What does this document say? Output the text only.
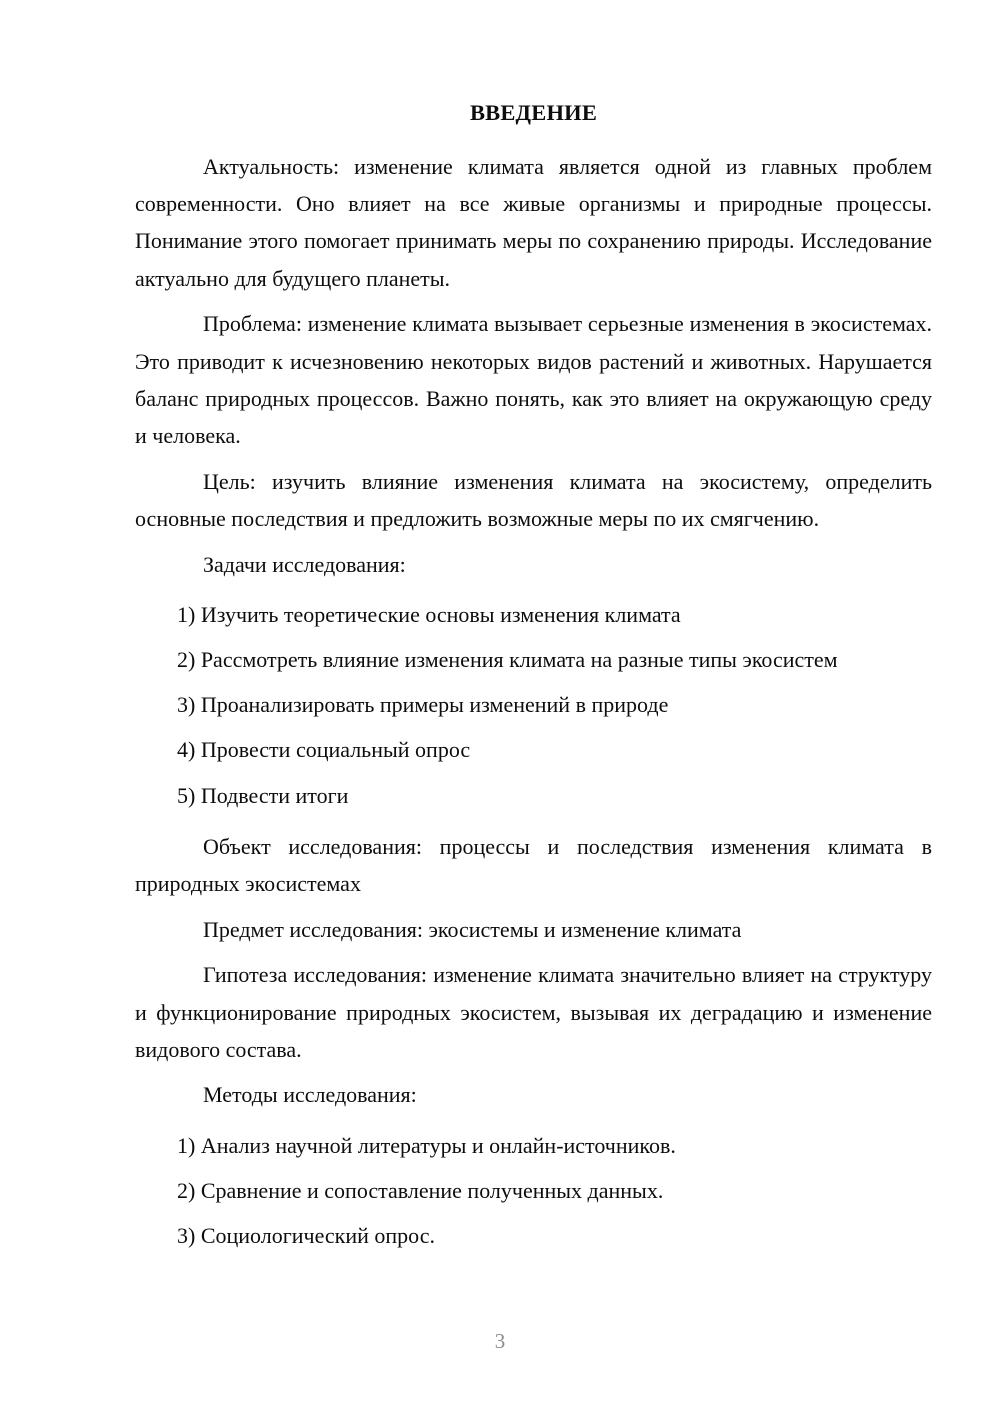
ВВЕДЕНИЕ

Актуальность: изменение климата является одной из главных проблем современности. Оно влияет на все живые организмы и природные процессы. Понимание этого помогает принимать меры по сохранению природы. Исследование актуально для будущего планеты.

Проблема: изменение климата вызывает серьезные изменения в экосистемах. Это приводит к исчезновению некоторых видов растений и животных. Нарушается баланс природных процессов. Важно понять, как это влияет на окружающую среду и человека.

Цель: изучить влияние изменения климата на экосистему, определить основные последствия и предложить возможные меры по их смягчению.

Задачи исследования:

1) Изучить теоретические основы изменения климата
2) Рассмотреть влияние изменения климата на разные типы экосистем
3) Проанализировать примеры изменений в природе
4) Провести социальный опрос
5) Подвести итоги

Объект исследования: процессы и последствия изменения климата в природных экосистемах

Предмет исследования: экосистемы и изменение климата

Гипотеза исследования: изменение климата значительно влияет на структуру и функционирование природных экосистем, вызывая их деградацию и изменение видового состава.

Методы исследования:

1) Анализ научной литературы и онлайн-источников.
2) Сравнение и сопоставление полученных данных.
3) Социологический опрос.
3
